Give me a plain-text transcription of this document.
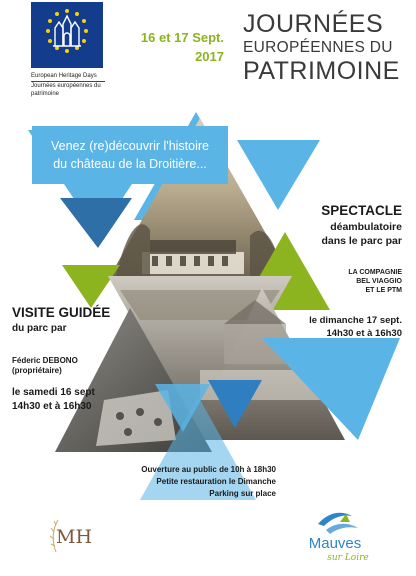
European Heritage Days
Journées européennes du patrimoine
16 et 17 Sept.
2017
JOURNÉES
EUROPÉENNES DU
PATRIMOINE
Venez (re)découvrir l'histoire
du château de la Droitière...
SPECTACLE
déambulatoire
dans le parc par
LA COMPAGNIE
BEL VIAGGIO
ET LE PTM
le dimanche 17 sept.
14h30 et à 16h30
VISITE GUIDÉE
du parc par
Féderic DEBONO
(propriétaire)
le samedi 16 sept
14h30 et à 16h30
Ouverture au public de 10h à 18h30
Petite restauration le Dimanche
Parking sur place
MH	Mauves
sur Loire
